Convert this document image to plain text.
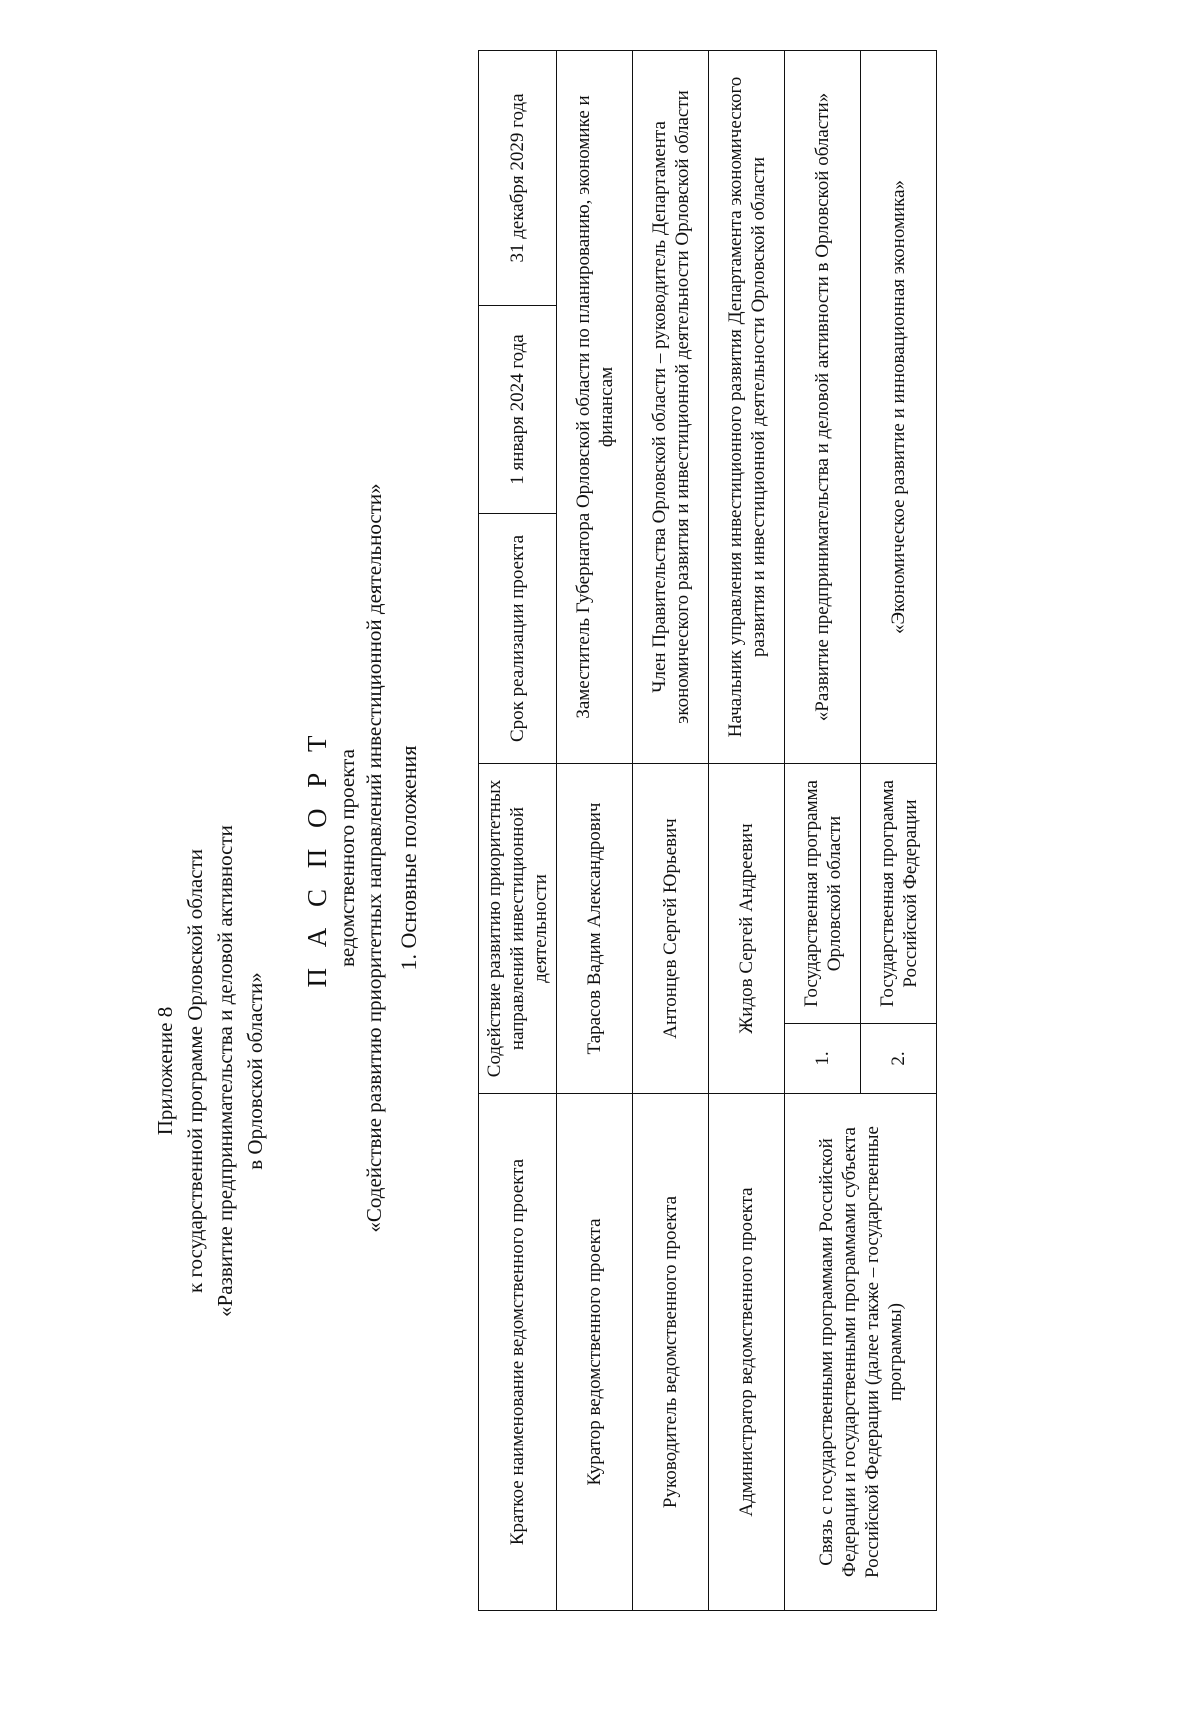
Приложение 8 к государственной программе Орловской области «Развитие предпринимательства и деловой активности в Орловской области»
П А С П О Р Т ведомственного проекта «Содействие развитию приоритетных направлений инвестиционной деятельности» 1. Основные положения
Краткое наименование ведомственного проекта	Содействие развитию приоритетных направлений инвестиционной деятельности		Срок реализации проекта	1 января 2024 года	31 декабря 2029 года
Куратор ведомственного проекта	Тарасов Вадим Александрович		Заместитель Губернатора Орловской области по планированию, экономике и финансам		
Руководитель ведомственного проекта	Антонцев Сергей Юрьевич		Член Правительства Орловской области – руководитель Департамента экономического развития и инвестиционной деятельности Орловской области		
Администратор ведомственного проекта	Жидов Сергей Андреевич		Начальник управления инвестиционного развития Департамента экономического развития и инвестиционной деятельности Орловской области		
Связь с государственными программами Российской Федерации и государственными программами субъекта Российской Федерации (далее также – государственные программы)	1.	Государственная программа Орловской области	«Развитие предпринимательства и деловой активности в Орловской области»		
	2.	Государственная программа Российской Федерации	«Экономическое развитие и инновационная экономика»		
